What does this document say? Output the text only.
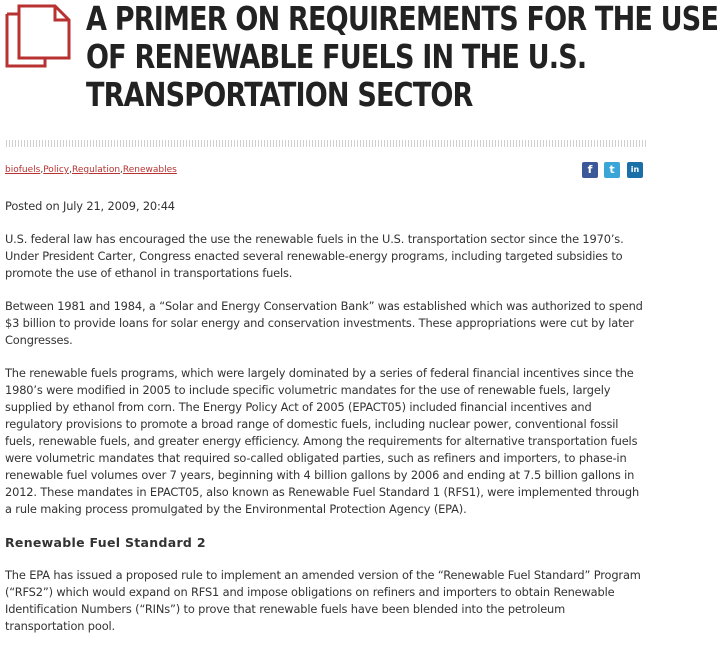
A PRIMER ON REQUIREMENTS FOR THE USE
OF RENEWABLE FUELS IN THE U.S.
TRANSPORTATION SECTOR
biofuels,Policy,Regulation,Renewables	f	t	in

Posted on July 21, 2009, 20:44

U.S. federal law has encouraged the use the renewable fuels in the U.S. transportation sector since the 1970’s. Under President Carter, Congress enacted several renewable-energy programs, including targeted subsidies to promote the use of ethanol in transportations fuels.

Between 1981 and 1984, a “Solar and Energy Conservation Bank” was established which was authorized to spend $3 billion to provide loans for solar energy and conservation investments. These appropriations were cut by later Congresses.

The renewable fuels programs, which were largely dominated by a series of federal financial incentives since the 1980’s were modified in 2005 to include specific volumetric mandates for the use of renewable fuels, largely supplied by ethanol from corn. The Energy Policy Act of 2005 (EPACT05) included financial incentives and regulatory provisions to promote a broad range of domestic fuels, including nuclear power, conventional fossil fuels, renewable fuels, and greater energy efficiency. Among the requirements for alternative transportation fuels were volumetric mandates that required so-called obligated parties, such as refiners and importers, to phase-in renewable fuel volumes over 7 years, beginning with 4 billion gallons by 2006 and ending at 7.5 billion gallons in 2012. These mandates in EPACT05, also known as Renewable Fuel Standard 1 (RFS1), were implemented through a rule making process promulgated by the Environmental Protection Agency (EPA).

Renewable Fuel Standard 2

The EPA has issued a proposed rule to implement an amended version of the “Renewable Fuel Standard” Program (“RFS2”) which would expand on RFS1 and impose obligations on refiners and importers to obtain Renewable Identification Numbers (“RINs”) to prove that renewable fuels have been blended into the petroleum transportation pool.
